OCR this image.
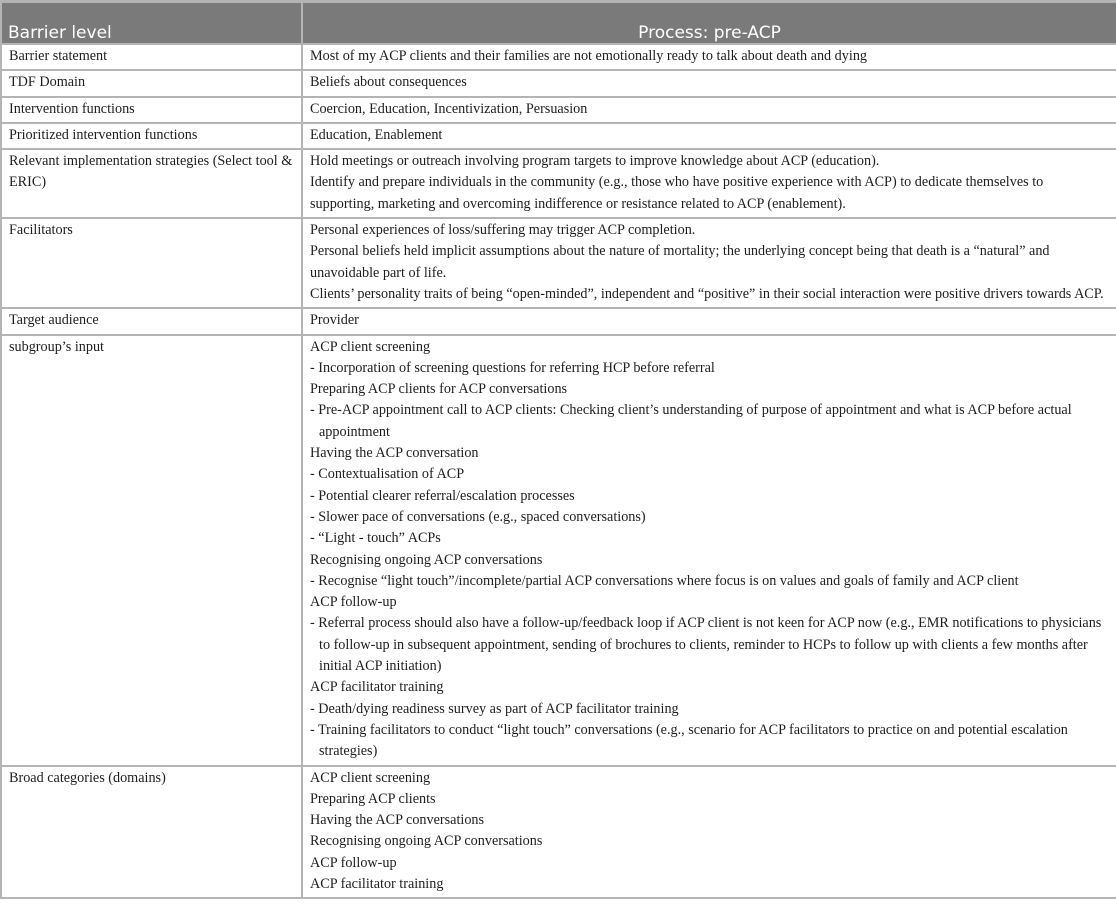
Barrier level	Process: pre-ACP
Barrier statement	Most of my ACP clients and their families are not emotionally ready to talk about death and dying

TDF Domain	Beliefs about consequences

Intervention functions	Coercion, Education, Incentivization, Persuasion

Prioritized intervention functions	Education, Enablement

Relevant implementation strategies (Select tool & ERIC)	Hold meetings or outreach involving program targets to improve knowledge about ACP (education).
Identify and prepare individuals in the community (e.g., those who have positive experience with ACP) to dedicate themselves to supporting, marketing and overcoming indifference or resistance related to ACP (enablement).

Facilitators	Personal experiences of loss/suffering may trigger ACP completion.
Personal beliefs held implicit assumptions about the nature of mortality; the underlying concept being that death is a “natural” and unavoidable part of life.
Clients’ personality traits of being “open-minded”, independent and “positive” in their social interaction were positive drivers towards ACP.

Target audience	Provider

subgroup’s input	ACP client screening
- Incorporation of screening questions for referring HCP before referral
Preparing ACP clients for ACP conversations
- Pre-ACP appointment call to ACP clients: Checking client’s understanding of purpose of appointment and what is ACP before actual appointment
Having the ACP conversation
- Contextualisation of ACP
- Potential clearer referral/escalation processes
- Slower pace of conversations (e.g., spaced conversations)
- “Light - touch” ACPs
Recognising ongoing ACP conversations
- Recognise “light touch”/incomplete/partial ACP conversations where focus is on values and goals of family and ACP client
ACP follow-up
- Referral process should also have a follow-up/feedback loop if ACP client is not keen for ACP now (e.g., EMR notifications to physicians to follow-up in subsequent appointment, sending of brochures to clients, reminder to HCPs to follow up with clients a few months after initial ACP initiation)
ACP facilitator training
- Death/dying readiness survey as part of ACP facilitator training
- Training facilitators to conduct “light touch” conversations (e.g., scenario for ACP facilitators to practice on and potential escalation strategies)

Broad categories (domains)	ACP client screening
Preparing ACP clients
Having the ACP conversations
Recognising ongoing ACP conversations
ACP follow-up
ACP facilitator training
